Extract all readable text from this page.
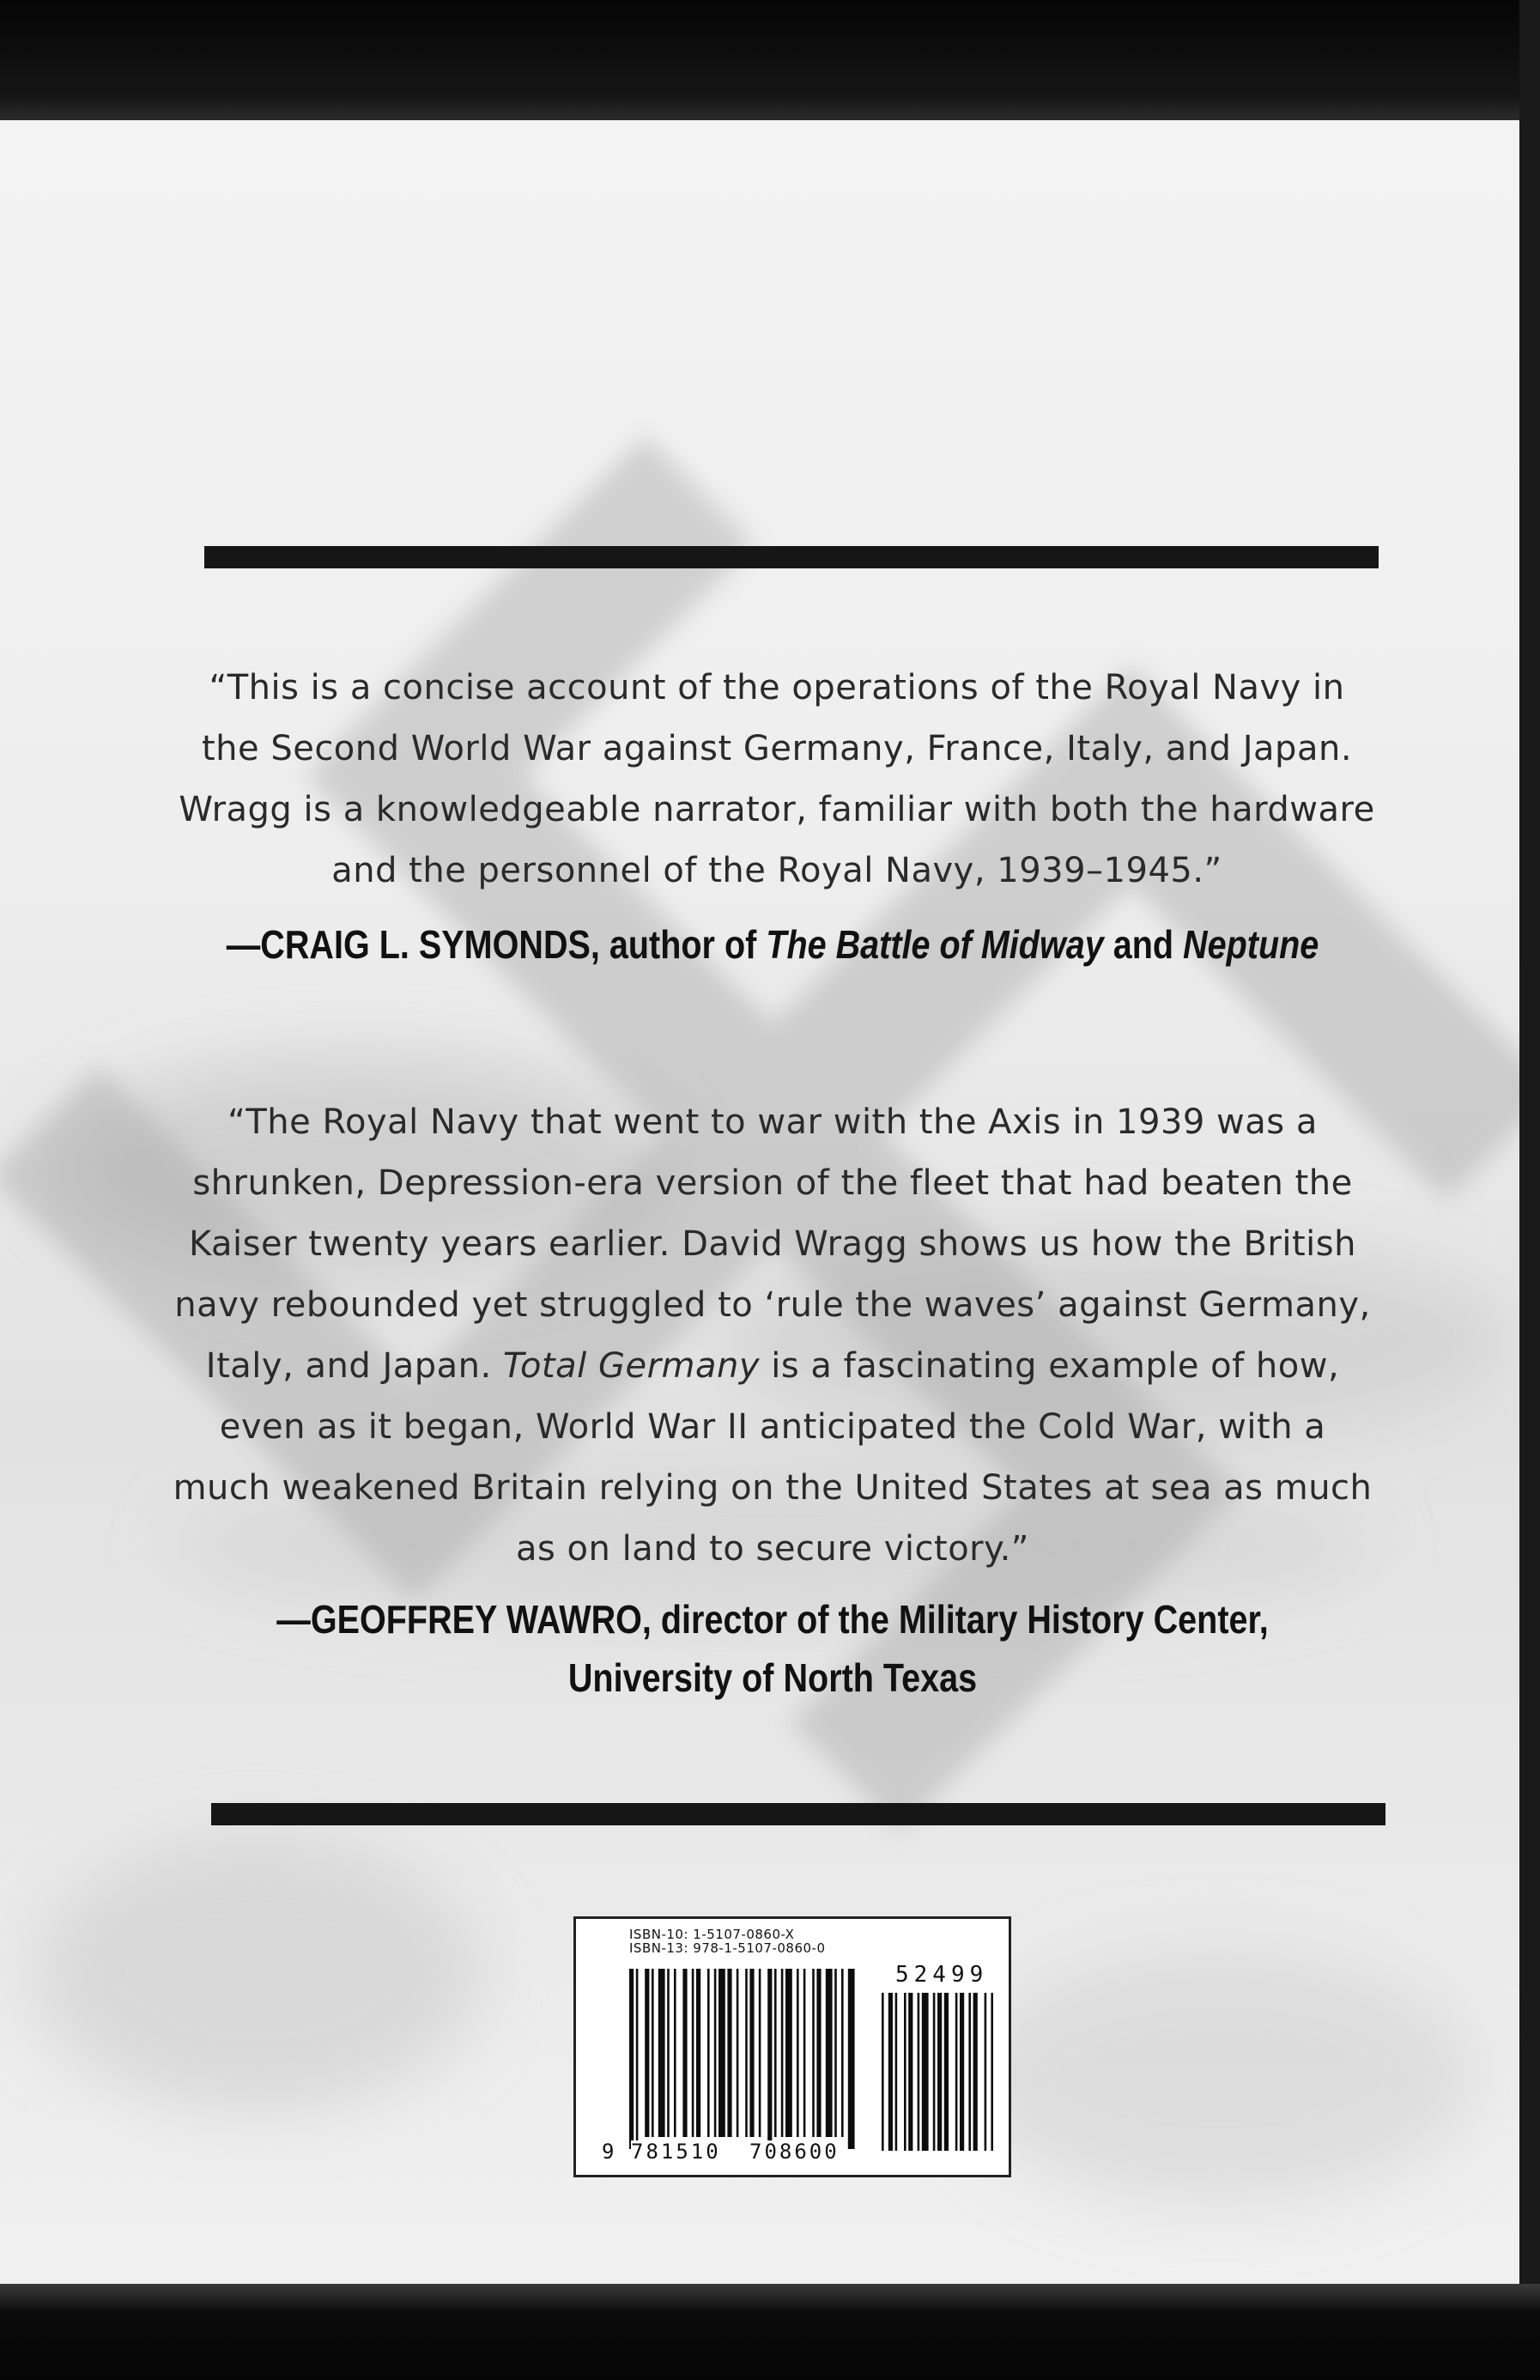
“This is a concise account of the operations of the Royal Navy in
the Second World War against Germany, France, Italy, and Japan.
Wragg is a knowledgeable narrator, familiar with both the hardware
and the personnel of the Royal Navy, 1939–1945.”
—CRAIG L. SYMONDS, author of The Battle of Midway and Neptune
“The Royal Navy that went to war with the Axis in 1939 was a
shrunken, Depression-era version of the fleet that had beaten the
Kaiser twenty years earlier. David Wragg shows us how the British
navy rebounded yet struggled to ‘rule the waves’ against Germany,
Italy, and Japan. Total Germany is a fascinating example of how,
even as it began, World War II anticipated the Cold War, with a
much weakened Britain relying on the United States at sea as much
as on land to secure victory.”
—GEOFFREY WAWRO, director of the Military History Center,
University of North Texas
ISBN-10: 1-5107-0860-X
ISBN-13: 978-1-5107-0860-0
52499
9 781510 708600
